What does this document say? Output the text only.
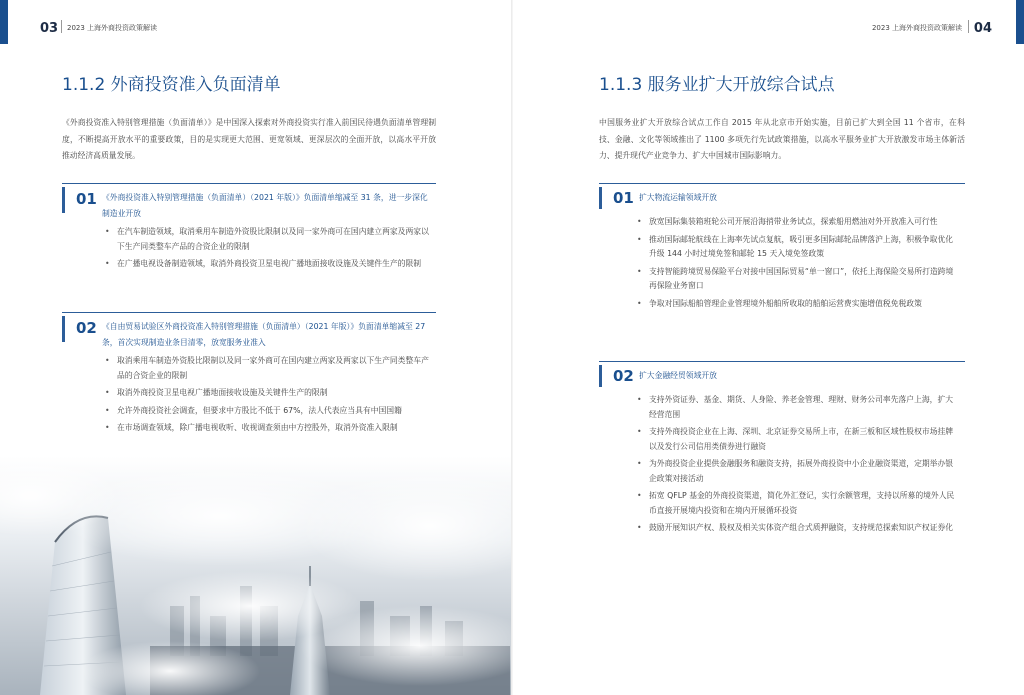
03 2023 上海外商投资政策解读
1.1.2 外商投资准入负面清单
《外商投资准入特别管理措施（负面清单）》是中国深入探索对外商投资实行准入前国民待遇负面清单管理制度，不断提高开放水平的重要政策，目的是实现更大范围、更宽领域、更深层次的全面开放，以高水平开放推动经济高质量发展。
01 《外商投资准入特别管理措施（负面清单）（2021 年版）》负面清单缩减至 31 条，进一步深化制造业开放
• 在汽车制造领域，取消乘用车制造外资股比限制以及同一家外商可在国内建立两家及两家以下生产同类整车产品的合资企业的限制
• 在广播电视设备制造领域，取消外商投资卫星电视广播地面接收设施及关键件生产的限制
02 《自由贸易试验区外商投资准入特别管理措施（负面清单）（2021 年版）》负面清单缩减至 27 条，首次实现制造业条目清零，放宽服务业准入
• 取消乘用车制造外资股比限制以及同一家外商可在国内建立两家及两家以下生产同类整车产品的合资企业的限制
• 取消外商投资卫星电视广播地面接收设施及关键件生产的限制
• 允许外商投资社会调查，但要求中方股比不低于 67%，法人代表应当具有中国国籍
• 在市场调查领域，除广播电视收听、收视调查须由中方控股外，取消外资准入限制
04
2023 上海外商投资政策解读
1.1.3 服务业扩大开放综合试点
中国服务业扩大开放综合试点工作自 2015 年从北京市开始实施，目前已扩大到全国 11 个省市，在科技、金融、文化等领域推出了 1100 多项先行先试政策措施，以高水平服务业扩大开放激发市场主体新活力、提升现代产业竞争力、扩大中国城市国际影响力。
01 扩大物流运输领域开放
• 放宽国际集装箱班轮公司开展沿海捎带业务试点，探索船用燃油对外开放准入可行性
• 推动国际邮轮航线在上海率先试点复航，吸引更多国际邮轮品牌落沪上海，积极争取优化升级 144 小时过境免签和邮轮 15 天入境免签政策
• 支持智能跨境贸易保险平台对接中国国际贸易“单一窗口”，依托上海保险交易所打造跨境再保险业务窗口
• 争取对国际船舶管理企业管理境外船舶所收取的船舶运营费实施增值税免税政策
02 扩大金融经贸领域开放
• 支持外资证券、基金、期货、人身险、养老金管理、理财、财务公司率先落户上海，扩大经营范围
• 支持外商投资企业在上海、深圳、北京证券交易所上市，在新三板和区域性股权市场挂牌以及发行公司信用类债券进行融资
• 为外商投资企业提供金融服务和融资支持，拓展外商投资中小企业融资渠道，定期举办银企政策对接活动
• 拓宽 QFLP 基金的外商投资渠道，简化外汇登记，实行余额管理，支持以所募的境外人民币直接开展境内投资和在境内开展循环投资
• 鼓励开展知识产权、股权及相关实体资产组合式质押融资，支持规范探索知识产权证券化
